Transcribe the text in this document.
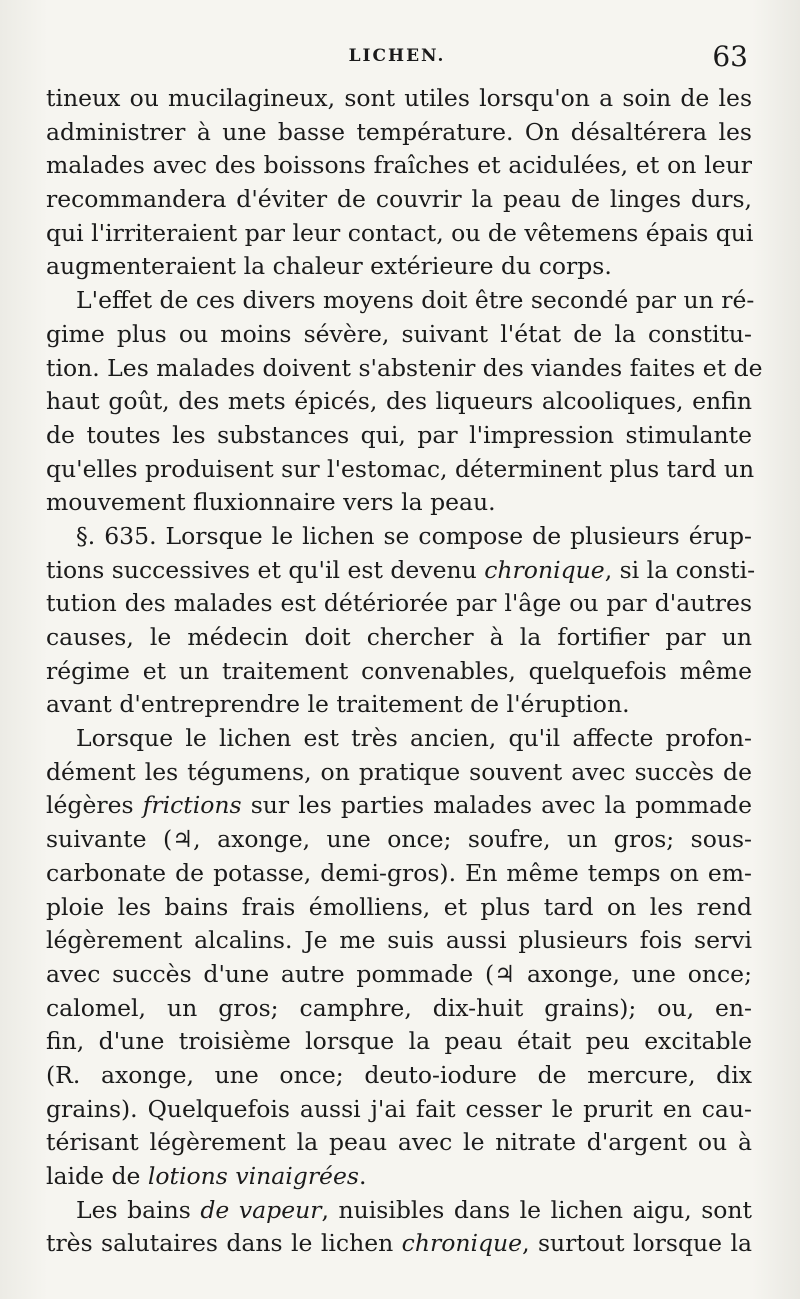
LICHEN.	63
tineux ou mucilagineux, sont utiles lorsqu'on a soin de les
administrer à une basse température. On désaltérera les
malades avec des boissons fraîches et acidulées, et on leur
recommandera d'éviter de couvrir la peau de linges durs,
qui l'irriteraient par leur contact, ou de vêtemens épais qui
augmenteraient la chaleur extérieure du corps.
L'effet de ces divers moyens doit être secondé par un ré-
gime plus ou moins sévère, suivant l'état de la constitu-
tion. Les malades doivent s'abstenir des viandes faites et de
haut goût, des mets épicés, des liqueurs alcooliques, enfin
de toutes les substances qui, par l'impression stimulante
qu'elles produisent sur l'estomac, déterminent plus tard un
mouvement fluxionnaire vers la peau.
§. 635. Lorsque le lichen se compose de plusieurs érup-
tions successives et qu'il est devenu chronique, si la consti-
tution des malades est détériorée par l'âge ou par d'autres
causes, le médecin doit chercher à la fortifier par un
régime et un traitement convenables, quelquefois même
avant d'entreprendre le traitement de l'éruption.
Lorsque le lichen est très ancien, qu'il affecte profon-
dément les tégumens, on pratique souvent avec succès de
légères frictions sur les parties malades avec la pommade
suivante (♃, axonge, une once; soufre, un gros; sous-
carbonate de potasse, demi-gros). En même temps on em-
ploie les bains frais émolliens, et plus tard on les rend
légèrement alcalins. Je me suis aussi plusieurs fois servi
avec succès d'une autre pommade (♃ axonge, une once;
calomel, un gros; camphre, dix-huit grains); ou, en-
fin, d'une troisième lorsque la peau était peu excitable
(R. axonge, une once; deuto-iodure de mercure, dix
grains). Quelquefois aussi j'ai fait cesser le prurit en cau-
térisant légèrement la peau avec le nitrate d'argent ou à
laide de lotions vinaigrées.
Les bains de vapeur, nuisibles dans le lichen aigu, sont
très salutaires dans le lichen chronique, surtout lorsque la
